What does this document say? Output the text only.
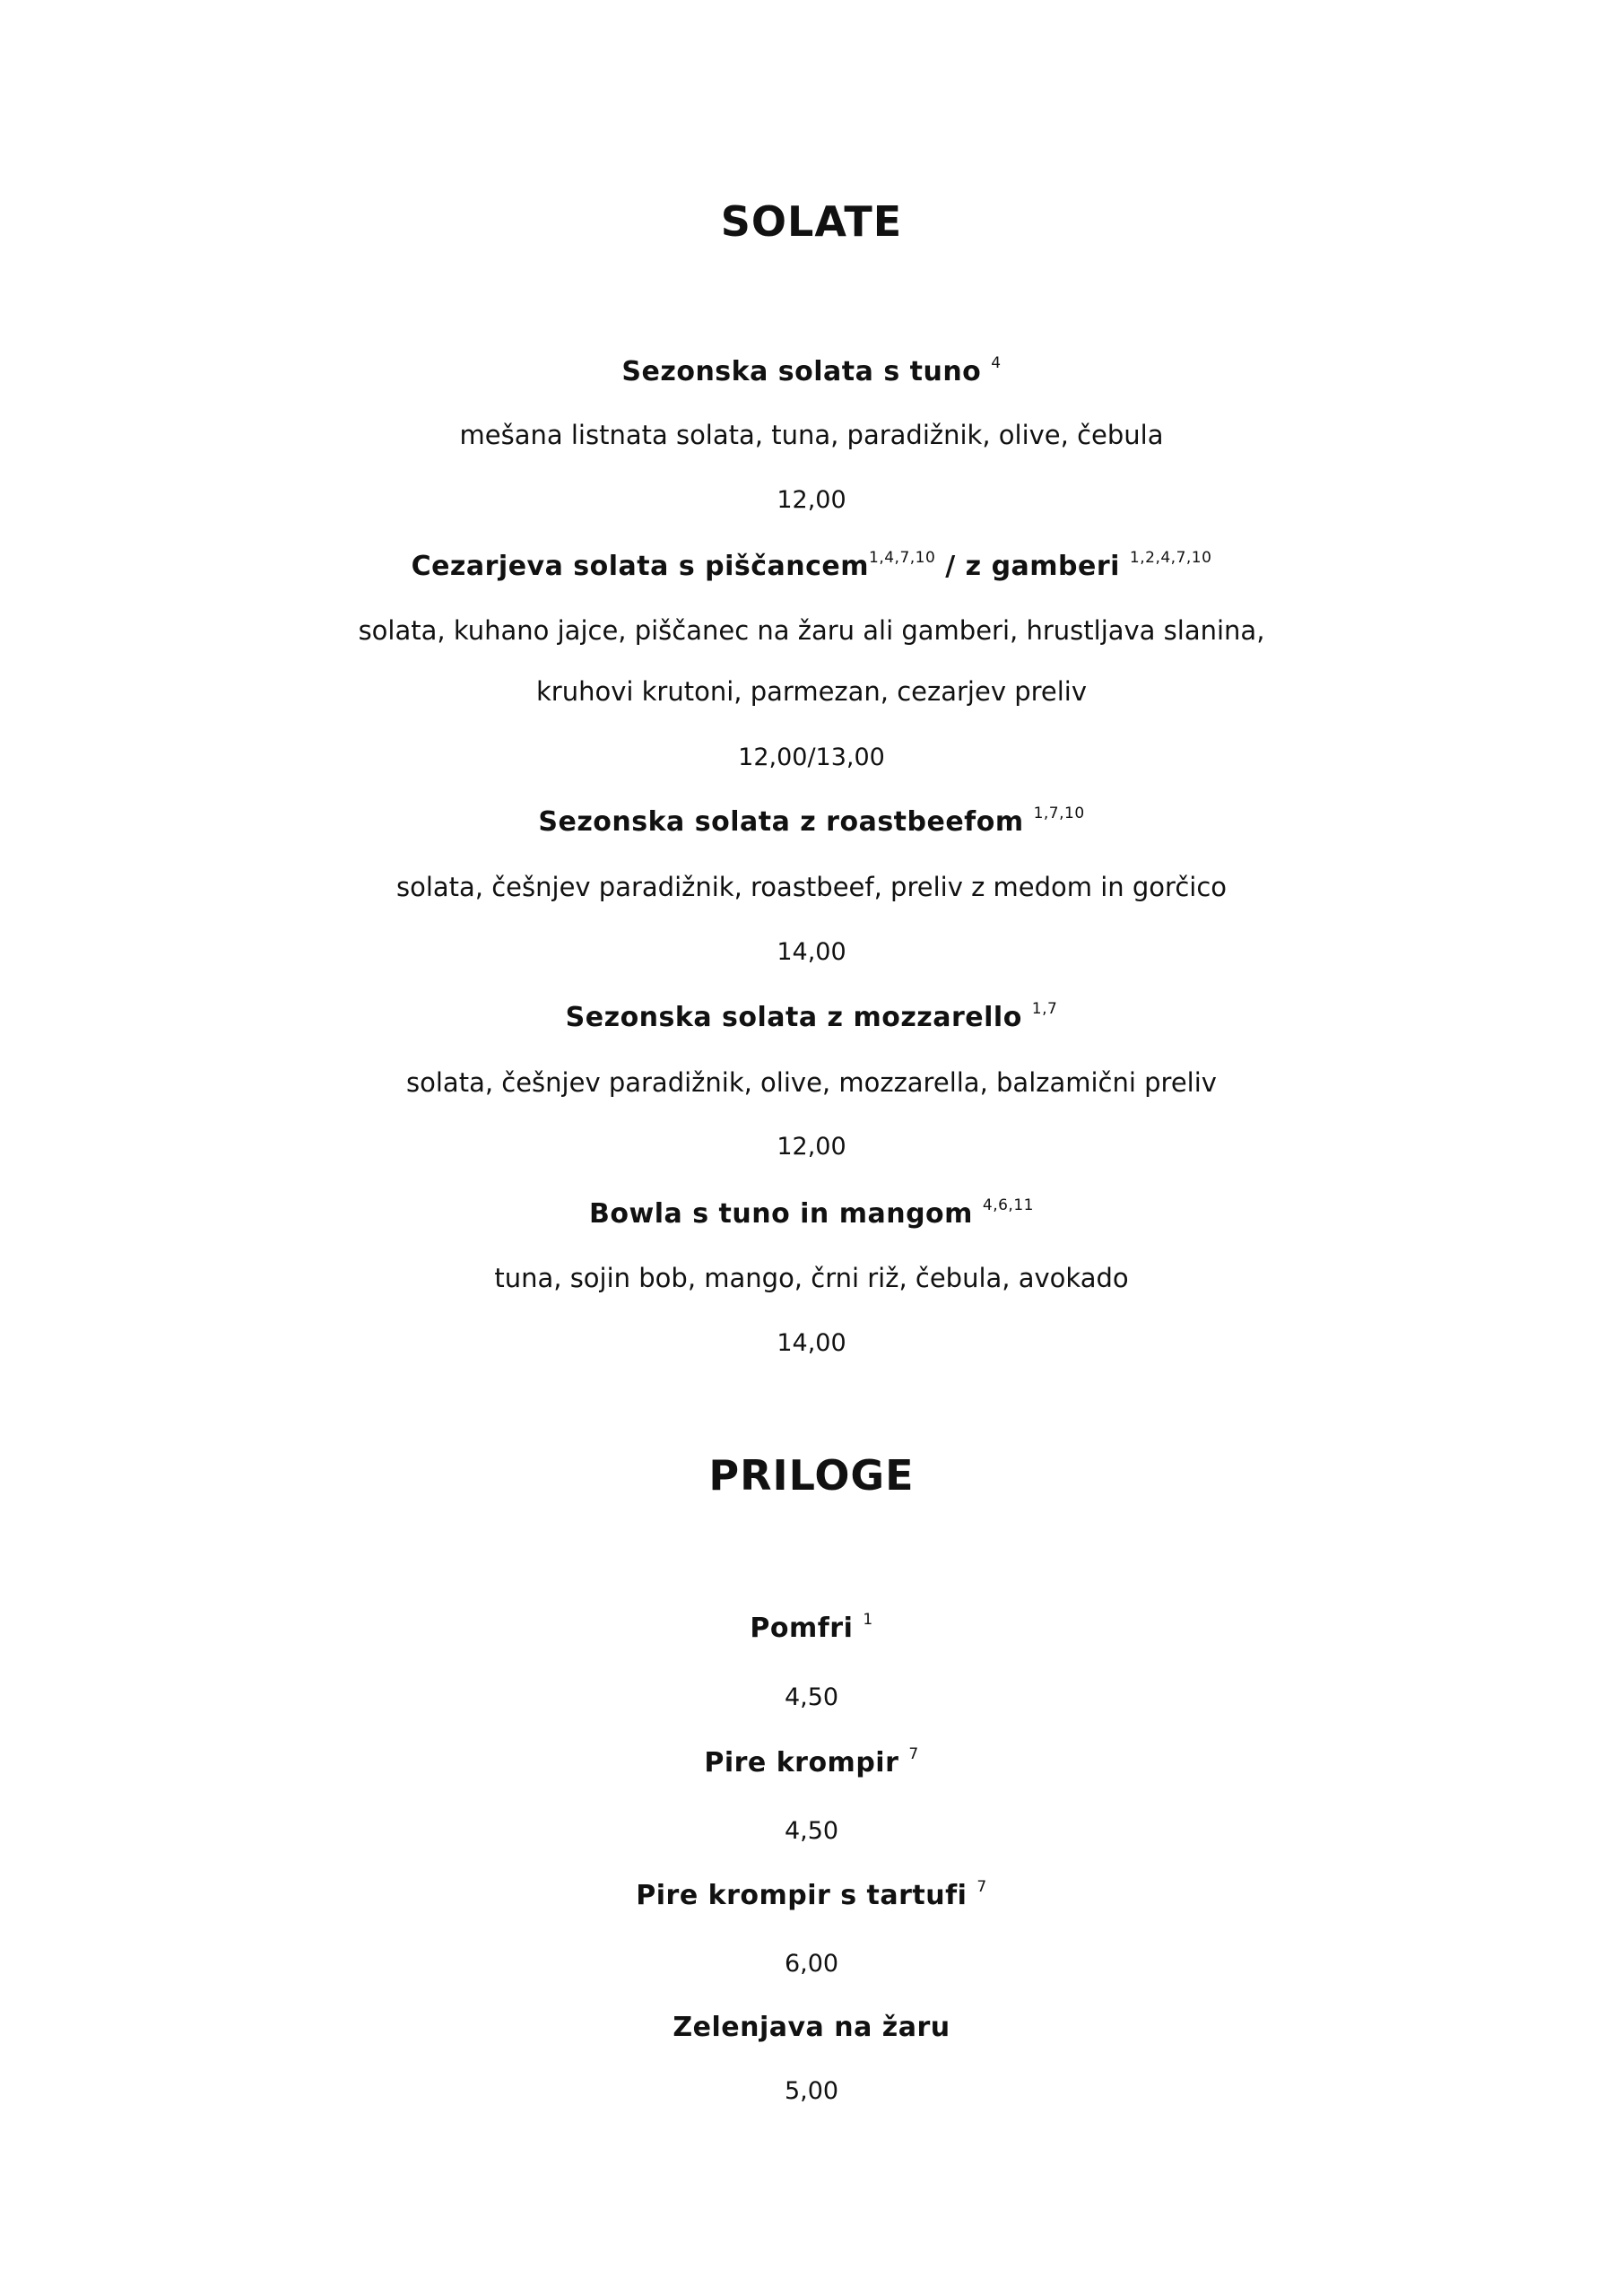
SOLATE
Sezonska solata s tuno $^4$
mešana listnata solata, tuna, paradižnik, olive, čebula
12,00
Cezarjeva solata s piščancem$^{1,4,7,10}$ / z gamberi $^{1,2,4,7,10}$
solata, kuhano jajce, piščanec na žaru ali gamberi, hrustljava slanina,
kruhovi krutoni, parmezan, cezarjev preliv
12,00/13,00
Sezonska solata z roastbeefom $^{1,7,10}$
solata, češnjev paradižnik, roastbeef, preliv z medom in gorčico
14,00
Sezonska solata z mozzarello $^{1,7}$
solata, češnjev paradižnik, olive, mozzarella, balzamični preliv
12,00
Bowla s tuno in mangom $^{4,6,11}$
tuna, sojin bob, mango, črni riž, čebula, avokado
14,00
PRILOGE
Pomfri $^1$
4,50
Pire krompir $^7$
4,50
Pire krompir s tartufi $^7$
6,00
Zelenjava na žaru
5,00
